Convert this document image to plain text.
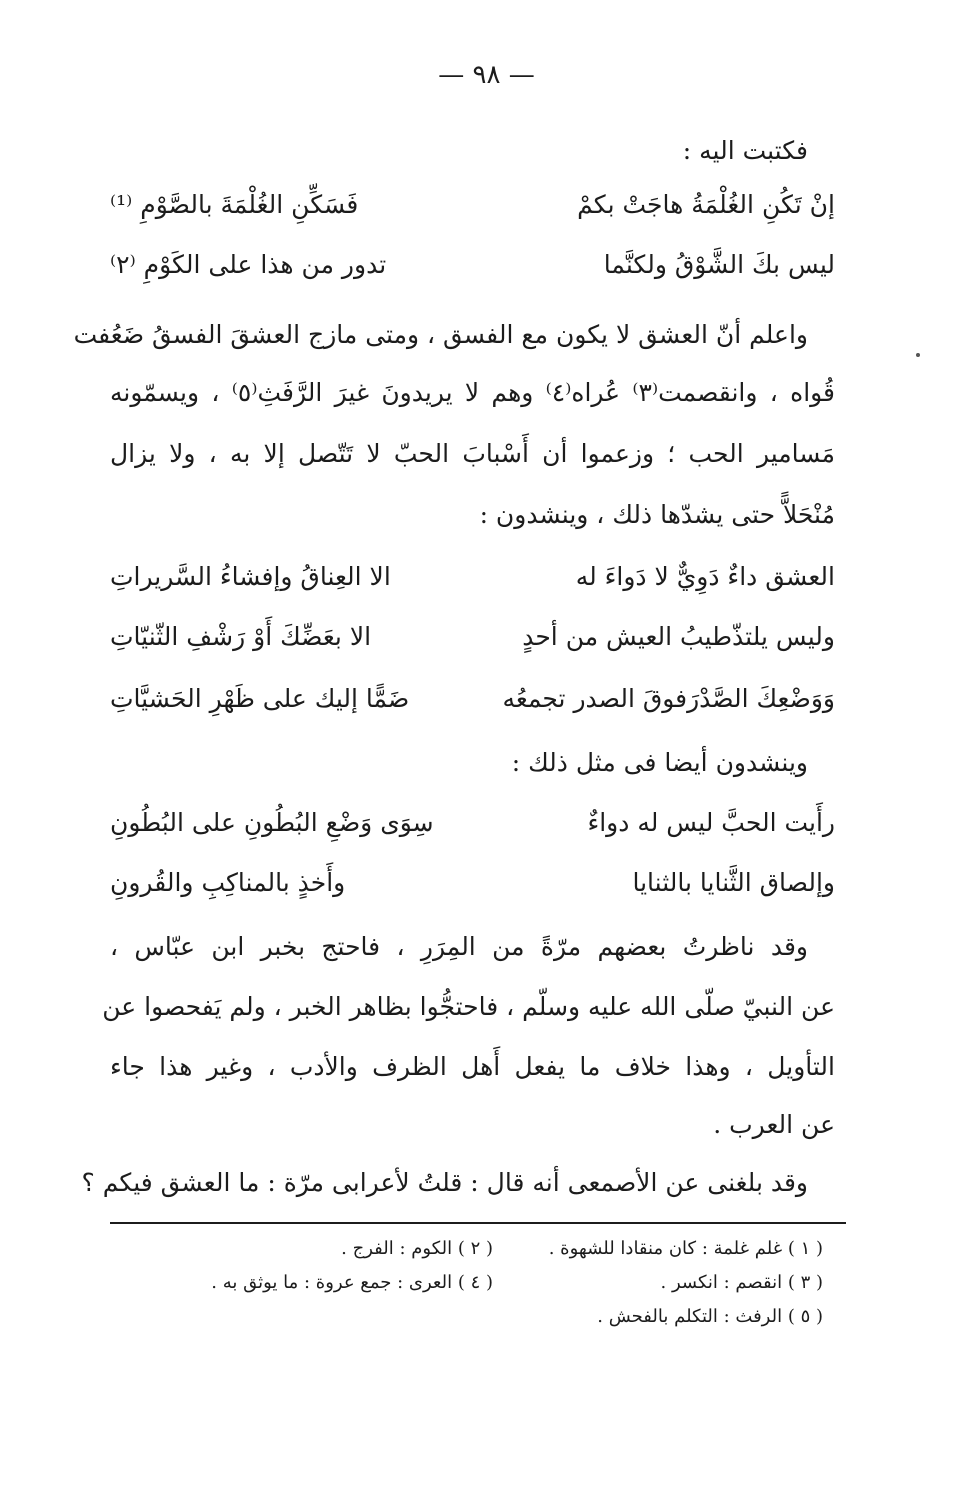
— ٩٨ —
فكتبت اليه :
إنْ تَكُنِ الغُلْمَةُ هاجَتْ بكمْ
فَسَكِّنِ الغُلْمَةَ بالصَّوْمِ ⁽¹⁾
ليس بكَ الشَّوْقُ ولكنَّما
تدور من هذا على الكَوْمِ ⁽٢⁾
واعلم أنّ العشق لا يكون مع الفسق ، ومتى مازج العشقَ الفسقُ ضَعُفت
قُواه ، وانقصمت⁽٣⁾ عُراه⁽٤⁾ وهم لا يريدونَ غيرَ الرَّفَثِ⁽٥⁾ ، ويسمّونه
مَسامير الحب ؛ وزعموا أن أَسْبابَ الحبّ لا تَتّصل إلا به ، ولا يزال
مُنْحَلاًّ حتى يشدّها ذلك ، وينشدون :
العشق داءٌ دَوِيٌّ لا دَواءَ له
الا العِناقُ وإفشاءُ السَّريراتِ
وليس يلتذّطيبُ العيش من أحدٍ
الا بعَضِّكَ أَوْ رَشْفِ الثّنيّاتِ
وَوَضْعِكَ الصَّدْرَفوقَ الصدر تجمعُه
ضَمًّا إليك على ظَهْرِ الحَشيَّاتِ
وينشدون أيضا فى مثل ذلك :
رأَيت الحبَّ ليس له دواءٌ
سِوَى وَضْعِ البُطُونِ على البُطُونِ
وإلصاق الثَّنايا بالثنايا
وأَخذٍ بالمناكِبِ والقُرونِ
وقد ناظرتُ بعضهم مرّةً من المِرَرِ ، فاحتج بخبر ابن عبّاس ،
عن النبيّ صلّى الله عليه وسلّم ، فاحتجُّوا بظاهر الخبر ، ولم يَفحصوا عن
التأويل ، وهذا خلاف ما يفعل أَهل الظرف والأدب ، وغير هذا جاء
عن العرب .
وقد بلغنى عن الأصمعى أنه قال : قلتُ لأعرابى مرّة : ما العشق فيكم ؟
( ١ ) غلم غلمة : كان منقادا للشهوة .
( ٢ ) الكوم : الفرج .
( ٣ ) انقصم : انكسر .
( ٤ ) العرى : جمع عروة : ما يوثق به .
( ٥ ) الرفث : التكلم بالفحش .
